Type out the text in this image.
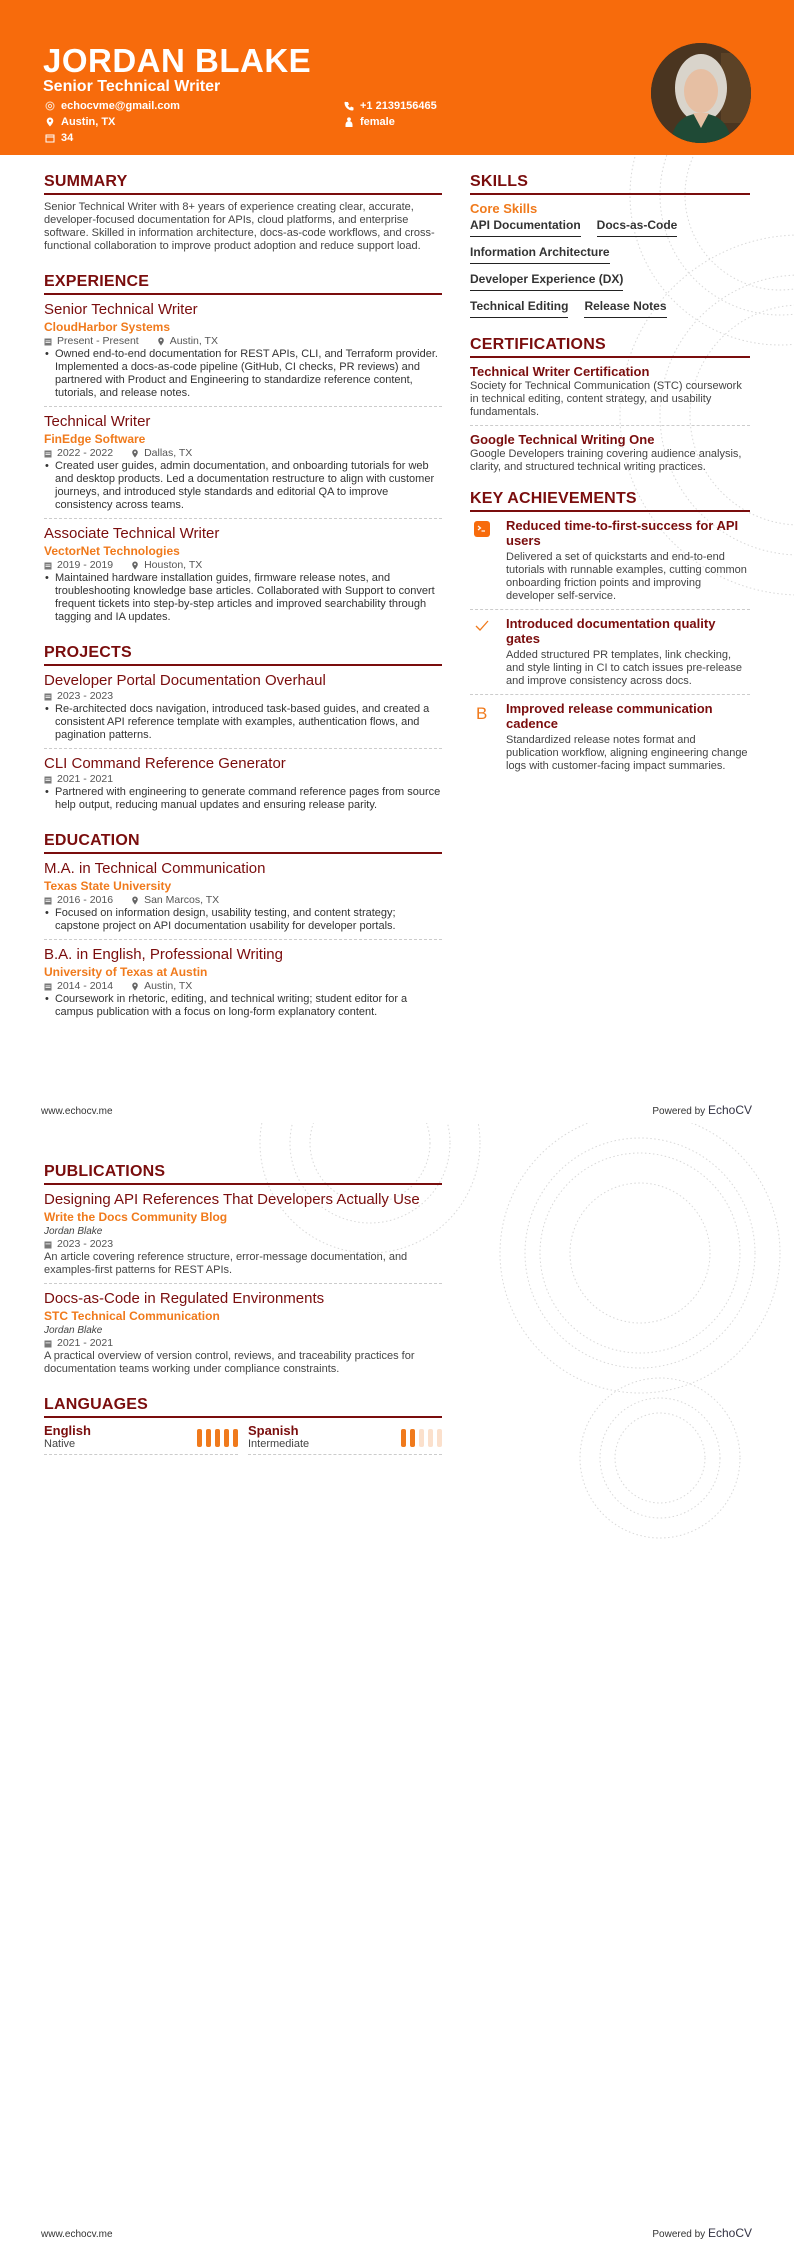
JORDAN BLAKE
Senior Technical Writer
echocvme@gmail.com
Austin, TX
34
+1 2139156465
female
SUMMARY

Senior Technical Writer with 8+ years of experience creating clear, accurate, developer-focused documentation for APIs, cloud platforms, and enterprise software. Skilled in information architecture, docs-as-code workflows, and cross-functional collaboration to improve product adoption and reduce support load.

EXPERIENCE
Senior Technical Writer
CloudHarbor Systems
Present - Present	Austin, TX
• Owned end-to-end documentation for REST APIs, CLI, and Terraform provider. Implemented a docs-as-code pipeline (GitHub, CI checks, PR reviews) and partnered with Product and Engineering to standardize reference content, tutorials, and release notes.
Technical Writer
FinEdge Software
2022 - 2022	Dallas, TX
• Created user guides, admin documentation, and onboarding tutorials for web and desktop products. Led a documentation restructure to align with customer journeys, and introduced style standards and editorial QA to improve consistency across teams.
Associate Technical Writer
VectorNet Technologies
2019 - 2019	Houston, TX
• Maintained hardware installation guides, firmware release notes, and troubleshooting knowledge base articles. Collaborated with Support to convert frequent tickets into step-by-step articles and improved searchability through tagging and IA updates.
PROJECTS
Developer Portal Documentation Overhaul
2023 - 2023
• Re-architected docs navigation, introduced task-based guides, and created a consistent API reference template with examples, authentication flows, and pagination patterns.
CLI Command Reference Generator
2021 - 2021
• Partnered with engineering to generate command reference pages from source help output, reducing manual updates and ensuring release parity.
EDUCATION
M.A. in Technical Communication
Texas State University
2016 - 2016	San Marcos, TX
• Focused on information design, usability testing, and content strategy; capstone project on API documentation usability for developer portals.
B.A. in English, Professional Writing
University of Texas at Austin
2014 - 2014	Austin, TX
• Coursework in rhetoric, editing, and technical writing; student editor for a campus publication with a focus on long-form explanatory content.
SKILLS
Core Skills
API Documentation Docs-as-Code
Information Architecture
Developer Experience (DX)
Technical Editing Release Notes
CERTIFICATIONS
Technical Writer Certification
Society for Technical Communication (STC) coursework in technical editing, content strategy, and usability fundamentals.
Google Technical Writing One
Google Developers training covering audience analysis, clarity, and structured technical writing practices.
KEY ACHIEVEMENTS
Reduced time-to-first-success for API users
Delivered a set of quickstarts and end-to-end tutorials with runnable examples, cutting common onboarding friction points and improving developer self-service.
Introduced documentation quality gates
Added structured PR templates, link checking, and style linting in CI to catch issues pre-release and improve consistency across docs.
B Improved release communication cadence
Standardized release notes format and publication workflow, aligning engineering change logs with customer-facing impact summaries.
www.echocv.me	Powered by EchoCV
PUBLICATIONS
Designing API References That Developers Actually Use
Write the Docs Community Blog
Jordan Blake
2023 - 2023
An article covering reference structure, error-message documentation, and examples-first patterns for REST APIs.
Docs-as-Code in Regulated Environments
STC Technical Communication
Jordan Blake
2021 - 2021
A practical overview of version control, reviews, and traceability practices for documentation teams working under compliance constraints.
LANGUAGES
English
Native
Spanish
Intermediate
www.echocv.me	Powered by EchoCV
